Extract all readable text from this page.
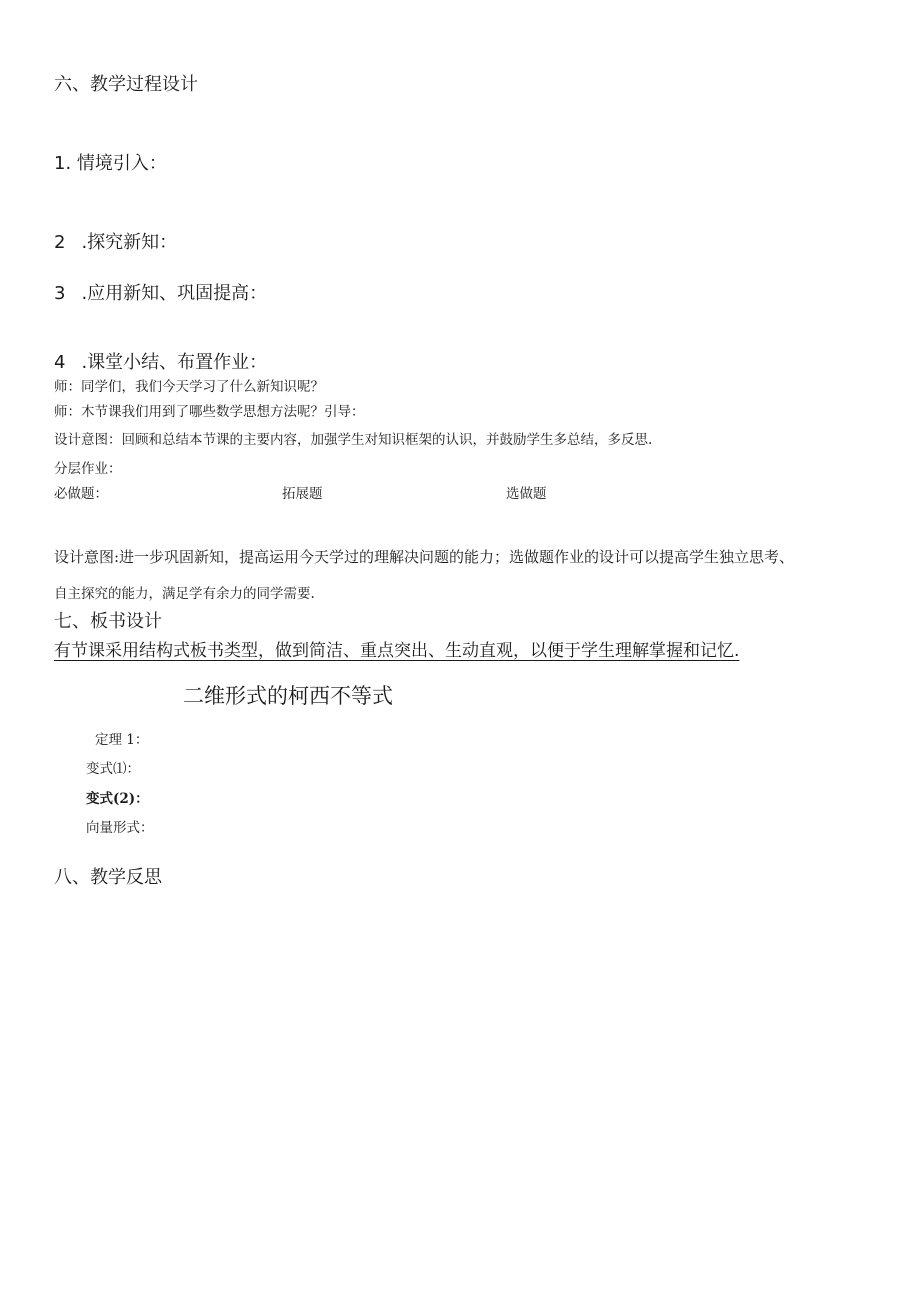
六、教学过程设计
1. 情境引入：
2 .探究新知：
3 .应用新知、巩固提高：
4 .课堂小结、布置作业：
师：同学们，我们今天学习了什么新知识呢？
师：木节课我们用到了哪些数学思想方法呢？引导：
设计意图：回顾和总结本节课的主要内容，加强学生对知识框架的认识，并鼓励学生多总结，多反思.
分层作业：
必做题：	拓展题	选做题
设计意图:进一步巩固新知，提高运用今天学过的理解决问题的能力；选做题作业的设计可以提高学生独立思考、
自主探究的能力，满足学有余力的同学需要.
七、板书设计
有节课采用结构式板书类型，做到简洁、重点突出、生动直观，以便于学生理解掌握和记忆.
二维形式的柯西不等式
定理 1：
变式⑴：
变式(2)：
向量形式：
八、教学反思
